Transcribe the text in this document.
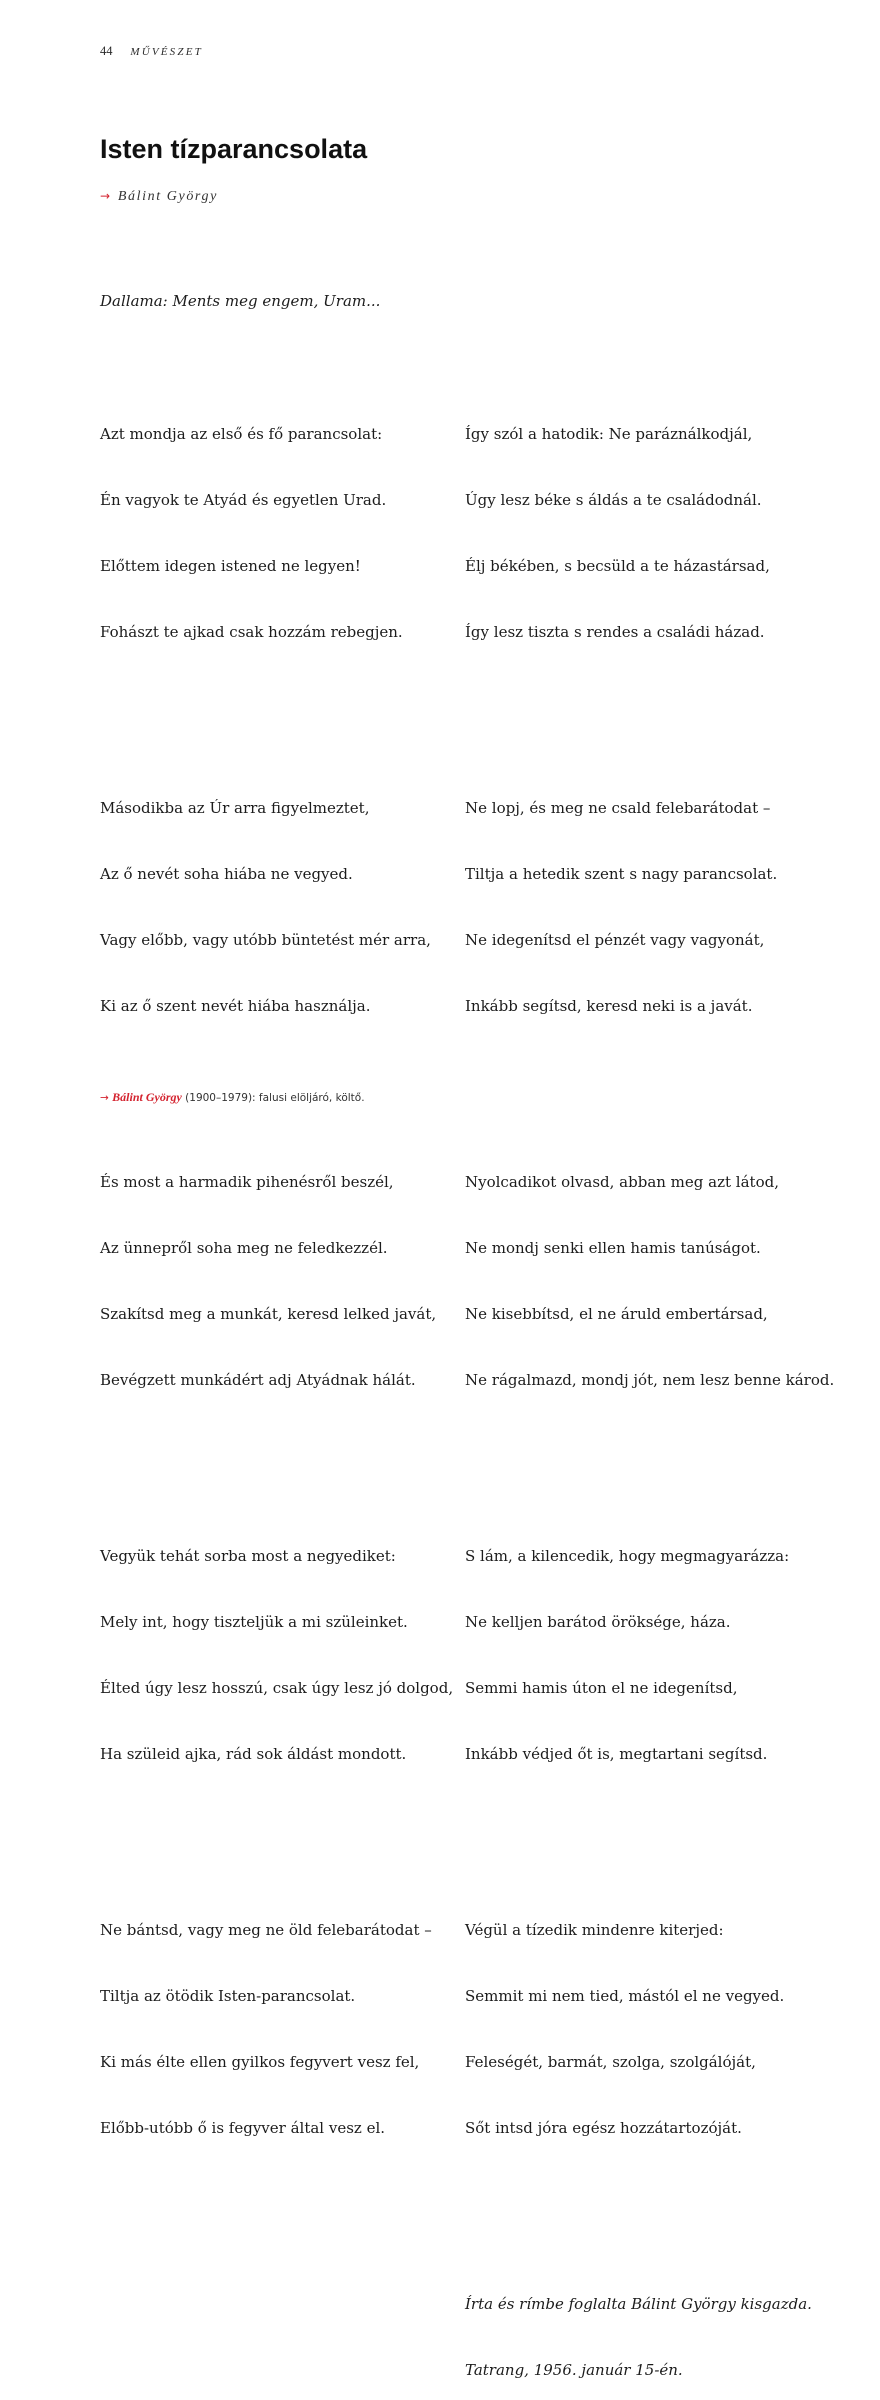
44 MŰVÉSZET
Isten tízparancsolata
→ Bálint György
Dallama: Ments meg engem, Uram...

Azt mondja az első és fő parancsolat:

Én vagyok te Atyád és egyetlen Urad.

Előttem idegen istened ne legyen!

Fohászt te ajkad csak hozzám rebegjen.

Másodikba az Úr arra figyelmeztet,

Az ő nevét soha hiába ne vegyed.

Vagy előbb, vagy utóbb büntetést mér arra,

Ki az ő szent nevét hiába használja.

És most a harmadik pihenésről beszél,

Az ünnepről soha meg ne feledkezzél.

Szakítsd meg a munkát, keresd lelked javát,

Bevégzett munkádért adj Atyádnak hálát.

Vegyük tehát sorba most a negyediket:

Mely int, hogy tiszteljük a mi szüleinket.

Élted úgy lesz hosszú, csak úgy lesz jó dolgod,

Ha szüleid ajka, rád sok áldást mondott.

Ne bántsd, vagy meg ne öld felebarátodat –

Tiltja az ötödik Isten-parancsolat.

Ki más élte ellen gyilkos fegyvert vesz fel,

Előbb-utóbb ő is fegyver által vesz el.

Így szól a hatodik: Ne paráználkodjál,

Úgy lesz béke s áldás a te családodnál.

Élj békében, s becsüld a te házastársad,

Így lesz tiszta s rendes a családi házad.

Ne lopj, és meg ne csald felebarátodat –

Tiltja a hetedik szent s nagy parancsolat.

Ne idegenítsd el pénzét vagy vagyonát,

Inkább segítsd, keresd neki is a javát.

Nyolcadikot olvasd, abban meg azt látod,

Ne mondj senki ellen hamis tanúságot.

Ne kisebbítsd, el ne áruld embertársad,

Ne rágalmazd, mondj jót, nem lesz benne károd.

S lám, a kilencedik, hogy megmagyarázza:

Ne kelljen barátod öröksége, háza.

Semmi hamis úton el ne idegenítsd,

Inkább védjed őt is, megtartani segítsd.

Végül a tízedik mindenre kiterjed:

Semmit mi nem tied, mástól el ne vegyed.

Feleségét, barmát, szolga, szolgálóját,

Sőt intsd jóra egész hozzátartozóját.

Írta és rímbe foglalta Bálint György kisgazda.

Tatrang, 1956. január 15-én.

→ Bálint György (1900–1979): falusi elöljáró, költő.
